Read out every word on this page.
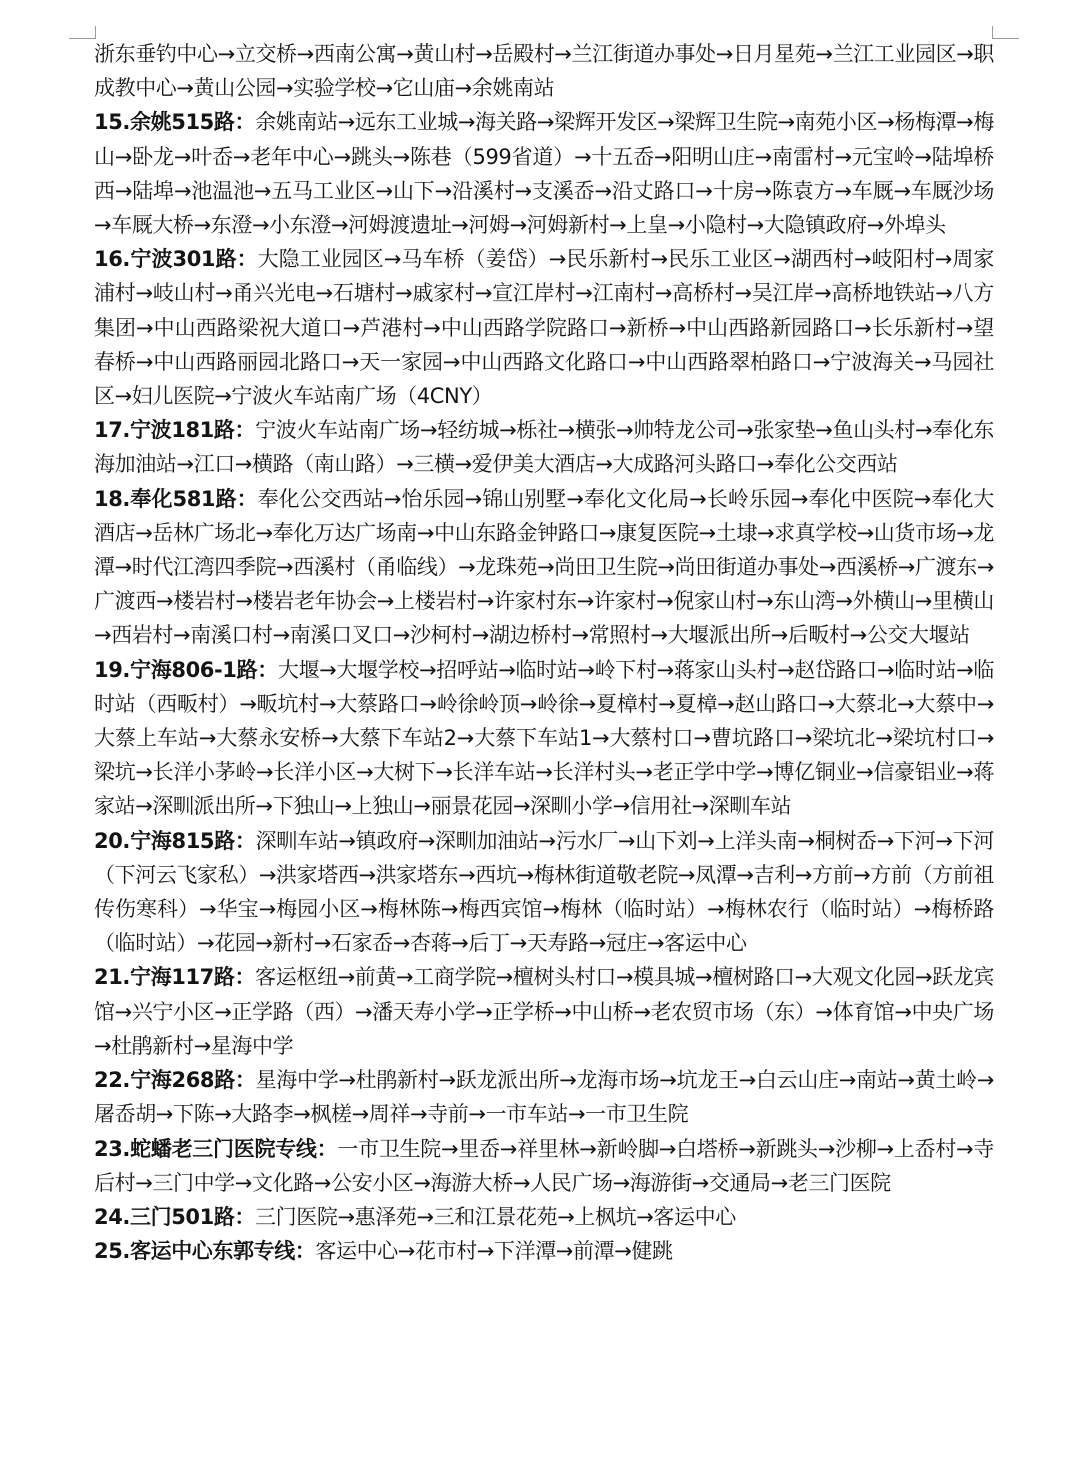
浙东垂钓中心→立交桥→西南公寓→黄山村→岳殿村→兰江街道办事处→日月星苑→兰江工业园区→职成教中心→黄山公园→实验学校→它山庙→余姚南站

15.余姚515路：余姚南站→远东工业城→海关路→梁辉开发区→梁辉卫生院→南苑小区→杨梅潭→梅山→卧龙→叶岙→老年中心→跳头→陈巷（599省道）→十五岙→阳明山庄→南雷村→元宝岭→陆埠桥西→陆埠→池温池→五马工业区→山下→沿溪村→支溪岙→沿丈路口→十房→陈袁方→车厩→车厩沙场→车厩大桥→东澄→小东澄→河姆渡遗址→河姆→河姆新村→上皇→小隐村→大隐镇政府→外埠头

16.宁波301路：大隐工业园区→马车桥（姜岱）→民乐新村→民乐工业区→湖西村→岐阳村→周家浦村→岐山村→甬兴光电→石塘村→戚家村→宣江岸村→江南村→高桥村→吴江岸→高桥地铁站→八方集团→中山西路梁祝大道口→芦港村→中山西路学院路口→新桥→中山西路新园路口→长乐新村→望春桥→中山西路丽园北路口→天一家园→中山西路文化路口→中山西路翠柏路口→宁波海关→马园社区→妇儿医院→宁波火车站南广场（4CNY）

17.宁波181路：宁波火车站南广场→轻纺城→栎社→横张→帅特龙公司→张家垫→鱼山头村→奉化东海加油站→江口→横路（南山路）→三横→爱伊美大酒店→大成路河头路口→奉化公交西站

18.奉化581路：奉化公交西站→怡乐园→锦山别墅→奉化文化局→长岭乐园→奉化中医院→奉化大酒店→岳林广场北→奉化万达广场南→中山东路金钟路口→康复医院→土埭→求真学校→山货市场→龙潭→时代江湾四季院→西溪村（甬临线）→龙珠苑→尚田卫生院→尚田街道办事处→西溪桥→广渡东→广渡西→楼岩村→楼岩老年协会→上楼岩村→许家村东→许家村→倪家山村→东山湾→外横山→里横山→西岩村→南溪口村→南溪口叉口→沙柯村→湖边桥村→常照村→大堰派出所→后畈村→公交大堰站

19.宁海806-1路：大堰→大堰学校→招呼站→临时站→岭下村→蒋家山头村→赵岱路口→临时站→临时站（西畈村）→畈坑村→大蔡路口→岭徐岭顶→岭徐→夏樟村→夏樟→赵山路口→大蔡北→大蔡中→大蔡上车站→大蔡永安桥→大蔡下车站2→大蔡下车站1→大蔡村口→曹坑路口→梁坑北→梁坑村口→梁坑→长洋小茅岭→长洋小区→大树下→长洋车站→长洋村头→老正学中学→博亿铜业→信豪铝业→蒋家站→深甽派出所→下独山→上独山→丽景花园→深甽小学→信用社→深甽车站

20.宁海815路：深甽车站→镇政府→深甽加油站→污水厂→山下刘→上洋头南→桐树岙→下河→下河（下河云飞家私）→洪家塔西→洪家塔东→西坑→梅林街道敬老院→凤潭→吉利→方前→方前（方前祖传伤寒科）→华宝→梅园小区→梅林陈→梅西宾馆→梅林（临时站）→梅林农行（临时站）→梅桥路（临时站）→花园→新村→石家岙→杏蒋→后丁→天寿路→冠庄→客运中心

21.宁海117路：客运枢纽→前黄→工商学院→檀树头村口→模具城→檀树路口→大观文化园→跃龙宾馆→兴宁小区→正学路（西）→潘天寿小学→正学桥→中山桥→老农贸市场（东）→体育馆→中央广场→杜鹃新村→星海中学

22.宁海268路：星海中学→杜鹃新村→跃龙派出所→龙海市场→坑龙王→白云山庄→南站→黄土岭→屠岙胡→下陈→大路李→枫槎→周祥→寺前→一市车站→一市卫生院

23.蛇蟠老三门医院专线：一市卫生院→里岙→祥里林→新岭脚→白塔桥→新跳头→沙柳→上岙村→寺后村→三门中学→文化路→公安小区→海游大桥→人民广场→海游街→交通局→老三门医院

24.三门501路：三门医院→惠泽苑→三和江景花苑→上枫坑→客运中心

25.客运中心东郭专线：客运中心→花市村→下洋潭→前潭→健跳
